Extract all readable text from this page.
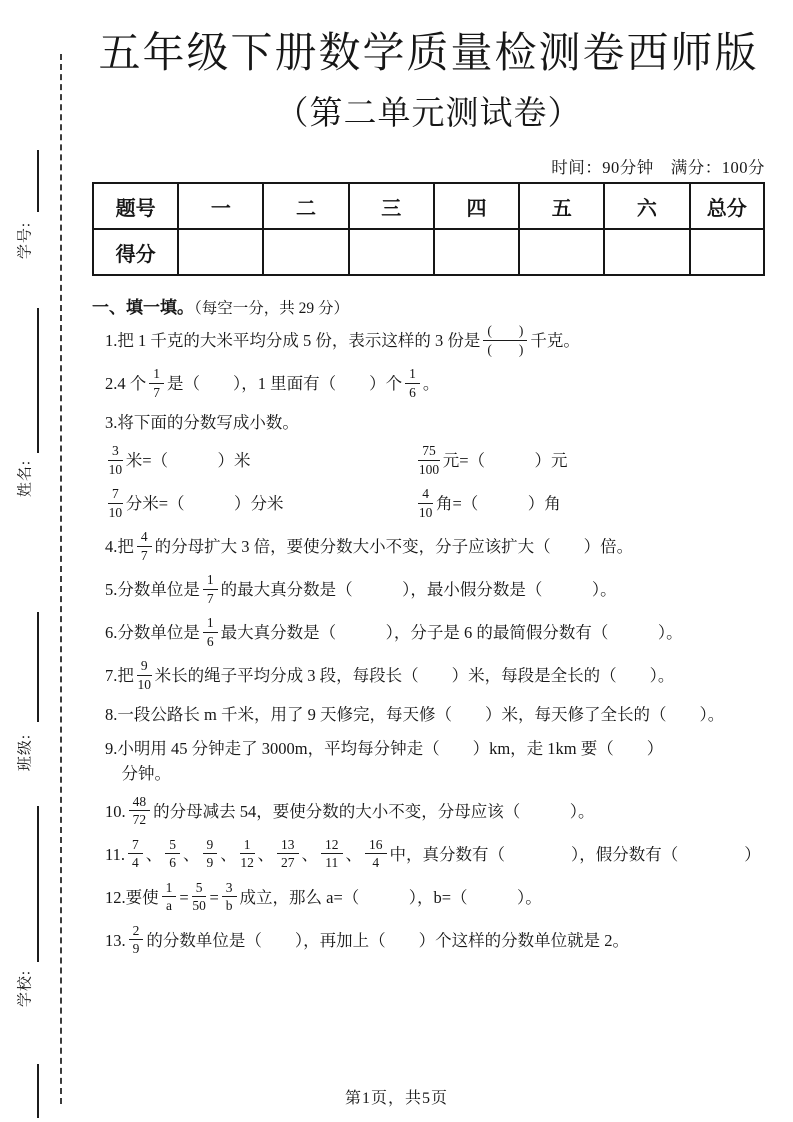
学号:
姓名:
班级:
学校:
五年级下册数学质量检测卷西师版
（第二单元测试卷）
时间：90分钟　满分：100分
题号	一	二	三	四	五	六	总分
得分							
一、填一填。（每空一分，共 29 分）
1.把 1 千克的大米平均分成 5 份，表示这样的 3 份是 $\frac{( )}{( )}$ 千克。
2.4 个 $\frac{1}{7}$ 是（　　），1 里面有（　　）个 $\frac{1}{6}$ 。
3.将下面的分数写成小数。
$\frac{3}{10}$ 米=（　　　）米	$\frac{75}{100}$ 元=（　　　）元
$\frac{7}{10}$ 分米=（　　　）分米	$\frac{4}{10}$ 角=（　　　）角
4.把 $\frac{4}{7}$ 的分母扩大 3 倍，要使分数大小不变，分子应该扩大（　　）倍。
5.分数单位是 $\frac{1}{7}$ 的最大真分数是（　　　），最小假分数是（　　　）。
6.分数单位是 $\frac{1}{6}$ 最大真分数是（　　　），分子是 6 的最简假分数有（　　　）。
7.把 $\frac{9}{10}$ 米长的绳子平均分成 3 段，每段长（　　）米，每段是全长的（　　）。
8.一段公路长 m 千米，用了 9 天修完，每天修（　　）米，每天修了全长的（　　）。
9.小明用 45 分钟走了 3000m，平均每分钟走（　　）km，走 1km 要（　　）
　分钟。
10. $\frac{48}{72}$ 的分母减去 54，要使分数的大小不变，分母应该（　　　）。
11. $\frac{7}{4}$ 、 $\frac{5}{6}$ 、 $\frac{9}{9}$ 、 $\frac{1}{12}$ 、 $\frac{13}{27}$ 、 $\frac{12}{11}$ 、 $\frac{16}{4}$ 中，真分数有（　　　　），假分数有（　　　　）
12.要使 $\frac{1}{a} = \frac{5}{50} = \frac{3}{b}$ 成立，那么 a=（　　　），b=（　　　）。
13. $\frac{2}{9}$ 的分数单位是（　　），再加上（　　）个这样的分数单位就是 2。
第1页，共5页
